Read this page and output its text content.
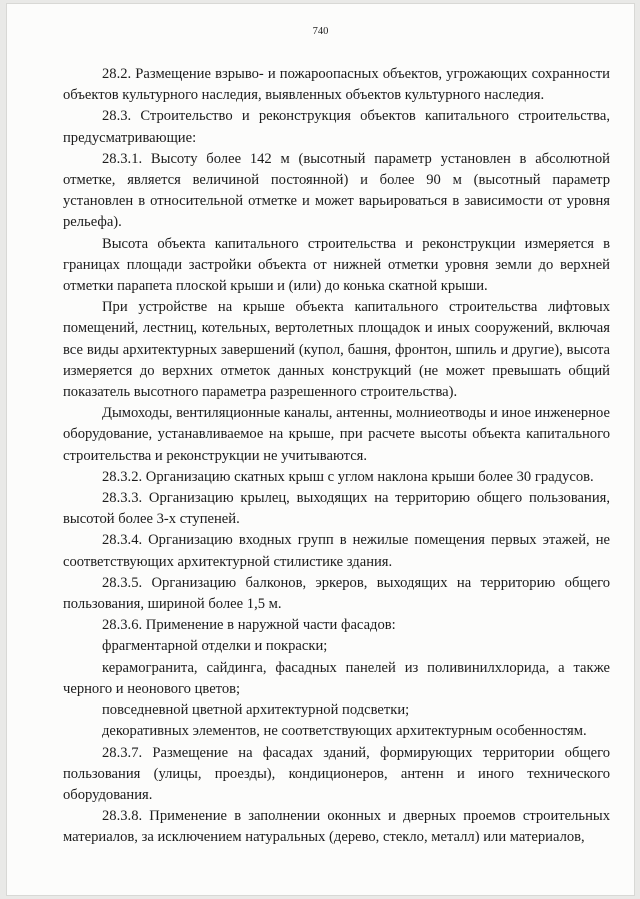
740

28.2. Размещение взрыво- и пожароопасных объектов, угрожающих сохранности объектов культурного наследия, выявленных объектов культурного наследия.

28.3. Строительство и реконструкция объектов капитального строительства, предусматривающие:

28.3.1. Высоту более 142 м (высотный параметр установлен в абсолютной отметке, является величиной постоянной) и более 90 м (высотный параметр установлен в относительной отметке и может варьироваться в зависимости от уровня рельефа).

Высота объекта капитального строительства и реконструкции измеряется в границах площади застройки объекта от нижней отметки уровня земли до верхней отметки парапета плоской крыши и (или) до конька скатной крыши.

При устройстве на крыше объекта капитального строительства лифтовых помещений, лестниц, котельных, вертолетных площадок и иных сооружений, включая все виды архитектурных завершений (купол, башня, фронтон, шпиль и другие), высота измеряется до верхних отметок данных конструкций (не может превышать общий показатель высотного параметра разрешенного строительства).

Дымоходы, вентиляционные каналы, антенны, молниеотводы и иное инженерное оборудование, устанавливаемое на крыше, при расчете высоты объекта капитального строительства и реконструкции не учитываются.

28.3.2. Организацию скатных крыш с углом наклона крыши более 30 градусов.

28.3.3. Организацию крылец, выходящих на территорию общего пользования, высотой более 3-х ступеней.

28.3.4. Организацию входных групп в нежилые помещения первых этажей, не соответствующих архитектурной стилистике здания.

28.3.5. Организацию балконов, эркеров, выходящих на территорию общего пользования, шириной более 1,5 м.

28.3.6. Применение в наружной части фасадов:

фрагментарной отделки и покраски;

керамогранита, сайдинга, фасадных панелей из поливинилхлорида, а также черного и неонового цветов;

повседневной цветной архитектурной подсветки;

декоративных элементов, не соответствующих архитектурным особенностям.

28.3.7. Размещение на фасадах зданий, формирующих территории общего пользования (улицы, проезды), кондиционеров, антенн и иного технического оборудования.

28.3.8. Применение в заполнении оконных и дверных проемов строительных материалов, за исключением натуральных (дерево, стекло, металл) или материалов,
